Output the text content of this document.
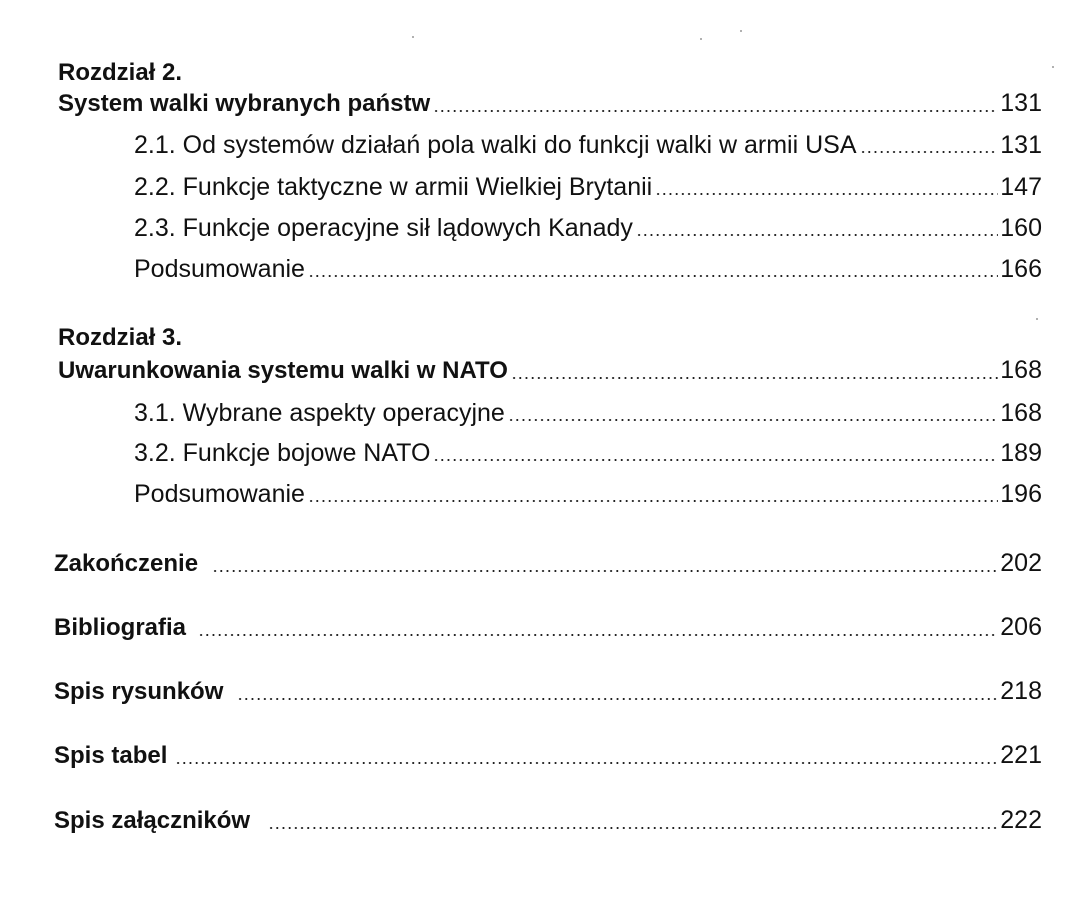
Rozdział 2.
System walki wybranych państw	131
2.1. Od systemów działań pola walki do funkcji walki w armii USA	131
2.2. Funkcje taktyczne w armii Wielkiej Brytanii	147
2.3. Funkcje operacyjne sił lądowych Kanady	160
Podsumowanie	166
Rozdział 3.
Uwarunkowania systemu walki w NATO	168
3.1. Wybrane aspekty operacyjne	168
3.2. Funkcje bojowe NATO	189
Podsumowanie	196
Zakończenie	202
Bibliografia	206
Spis rysunków	218
Spis tabel	221
Spis załączników	222
